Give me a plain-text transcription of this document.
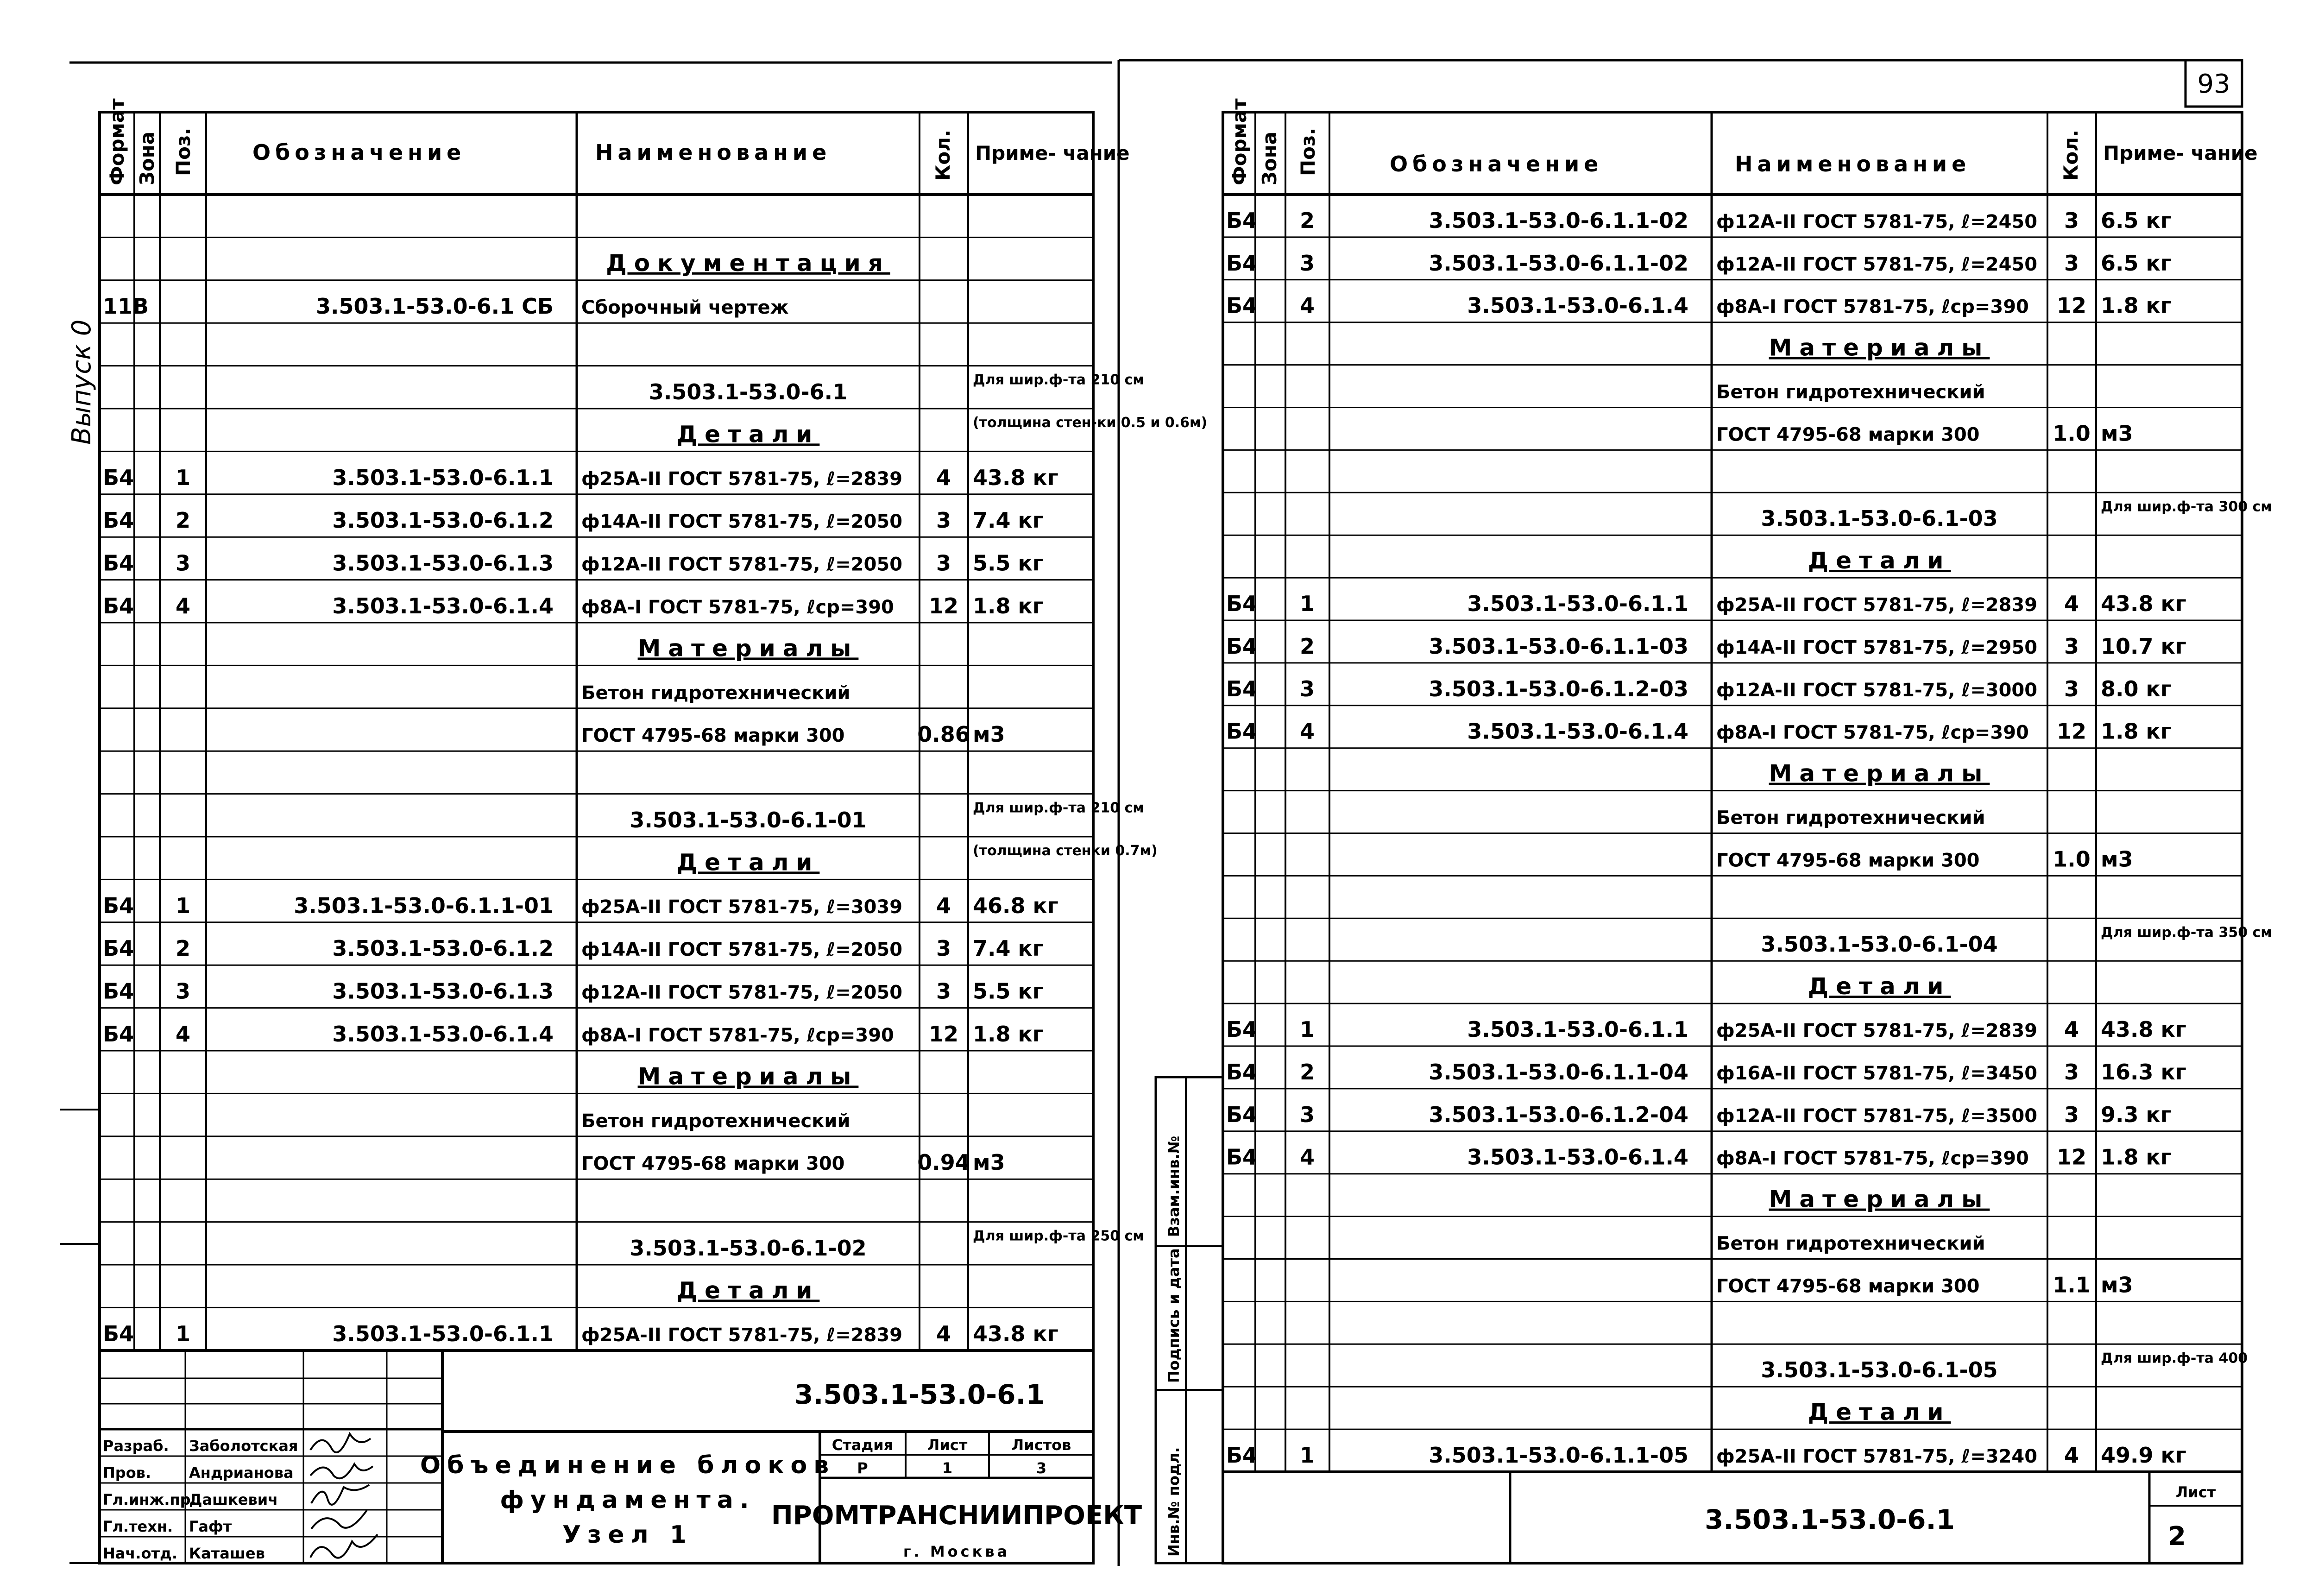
93
Выпуск 0
Формат Зона Поз.	Обозначение	Наименование	Кол. Приме- чание
Документация
11В	3.503.1-53.0-6.1 СБ Сборочный чертеж
3.503.1-53.0-6.1	Для шир.ф-та 210 см
Детали	(толщина стен-ки 0.5 и 0.6м)
Б4 1	3.503.1-53.0-6.1.1 ф25А-II ГОСТ 5781-75, ℓ=2839 4 43.8 кг
Б4 2	3.503.1-53.0-6.1.2 ф14А-II ГОСТ 5781-75, ℓ=2050 3 7.4 кг
Б4 3	3.503.1-53.0-6.1.3 ф12А-II ГОСТ 5781-75, ℓ=2050 3 5.5 кг
Б4 4	3.503.1-53.0-6.1.4 ф8А-I ГОСТ 5781-75, ℓср=390 12 1.8 кг
Материалы
Бетон гидротехнический
ГОСТ 4795-68 марки 300	0.86 м3
3.503.1-53.0-6.1-01	Для шир.ф-та 210 см
Детали	(толщина стенки 0.7м)
Б4 1	3.503.1-53.0-6.1.1-01 ф25А-II ГОСТ 5781-75, ℓ=3039 4 46.8 кг
Б4 2	3.503.1-53.0-6.1.2 ф14А-II ГОСТ 5781-75, ℓ=2050 3 7.4 кг
Б4 3	3.503.1-53.0-6.1.3 ф12А-II ГОСТ 5781-75, ℓ=2050 3 5.5 кг
Б4 4	3.503.1-53.0-6.1.4 ф8А-I ГОСТ 5781-75, ℓср=390 12 1.8 кг
Материалы
Бетон гидротехнический
ГОСТ 4795-68 марки 300	0.94 м3
3.503.1-53.0-6.1-02	Для шир.ф-та 250 см
Детали
Б4 1	3.503.1-53.0-6.1.1 ф25А-II ГОСТ 5781-75, ℓ=2839 4 43.8 кг
3.503.1-53.0-6.1
Объединение блоков
фундамента.
Узел 1
Стадия
Р
Лист
1
Листов
3
ПРОМТРАНСНИИПРОЕКТ
г. Москва
Разраб. Заболотская
Пров.	Андрианова
Гл.инж.пр.
Дашкевич
Гл.техн. Гафт
Нач.отд. Каташев
Формат Зона Поз.	Обозначение	Наименование	Кол. Приме- чание
Б4 2	3.503.1-53.0-6.1.1-02 ф12А-II ГОСТ 5781-75, ℓ=2450 3 6.5 кг
Б4 3	3.503.1-53.0-6.1.1-02 ф12А-II ГОСТ 5781-75, ℓ=2450 3 6.5 кг
Б4 4	3.503.1-53.0-6.1.4 ф8А-I ГОСТ 5781-75, ℓср=390 12 1.8 кг
Материалы
Бетон гидротехнический
ГОСТ 4795-68 марки 300	1.0 м3
3.503.1-53.0-6.1-03	Для шир.ф-та 300 см
Детали
Б4 1	3.503.1-53.0-6.1.1 ф25А-II ГОСТ 5781-75, ℓ=2839 4 43.8 кг
Б4 2	3.503.1-53.0-6.1.1-03 ф14А-II ГОСТ 5781-75, ℓ=2950 3 10.7 кг
Б4 3	3.503.1-53.0-6.1.2-03 ф12А-II ГОСТ 5781-75, ℓ=3000 3 8.0 кг
Б4 4	3.503.1-53.0-6.1.4 ф8А-I ГОСТ 5781-75, ℓср=390 12 1.8 кг
Материалы
Бетон гидротехнический
ГОСТ 4795-68 марки 300	1.0 м3
3.503.1-53.0-6.1-04	Для шир.ф-та 350 см
Детали
Б4 1	3.503.1-53.0-6.1.1 ф25А-II ГОСТ 5781-75, ℓ=2839 4 43.8 кг
Б4 2	3.503.1-53.0-6.1.1-04 ф16А-II ГОСТ 5781-75, ℓ=3450 3 16.3 кг
Б4 3	3.503.1-53.0-6.1.2-04 ф12А-II ГОСТ 5781-75, ℓ=3500 3 9.3 кг
Б4 4	3.503.1-53.0-6.1.4 ф8А-I ГОСТ 5781-75, ℓср=390 12 1.8 кг
Материалы
Бетон гидротехнический
ГОСТ 4795-68 марки 300	1.1 м3
3.503.1-53.0-6.1-05	Для шир.ф-та 400
Детали
Б4 1	3.503.1-53.0-6.1.1-05 ф25А-II ГОСТ 5781-75, ℓ=3240 4 49.9 кг
3.503.1-53.0-6.1
Лист
2
Инв.№ подл.
Подпись и дата
Взам.инв.№
